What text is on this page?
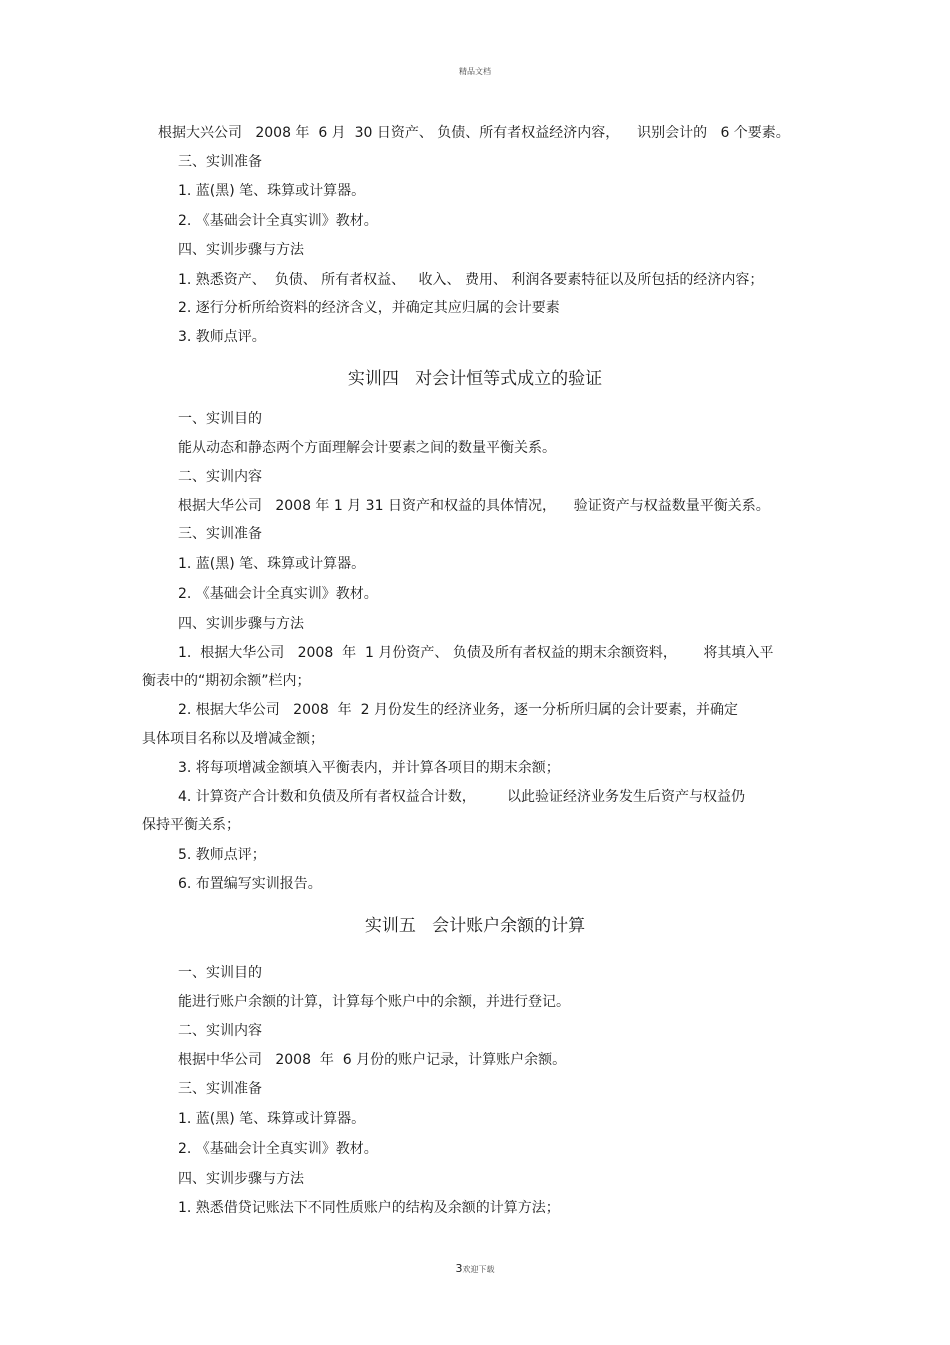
精品文档
根据大兴公司   2008 年  6 月  30 日资产、 负债、所有者权益经济内容，    识别会计的   6 个要素。
三、实训准备
1. 蓝(黑) 笔、珠算或计算器。
2. 《基础会计全真实训》教材。
四、实训步骤与方法
1. 熟悉资产、  负债、 所有者权益、   收入、 费用、 利润各要素特征以及所包括的经济内容；
2. 逐行分析所给资料的经济含义，并确定其应归属的会计要素
3. 教师点评。
实训四   对会计恒等式成立的验证
一、实训目的
能从动态和静态两个方面理解会计要素之间的数量平衡关系。
二、实训内容
根据大华公司   2008 年 1 月 31 日资产和权益的具体情况，    验证资产与权益数量平衡关系。
三、实训准备
1. 蓝(黑) 笔、珠算或计算器。
2. 《基础会计全真实训》教材。
四、实训步骤与方法
1.  根据大华公司   2008  年  1 月份资产、 负债及所有者权益的期末余额资料，      将其填入平
衡表中的“期初余额”栏内；
2. 根据大华公司   2008  年  2 月份发生的经济业务，逐一分析所归属的会计要素，并确定
具体项目名称以及增减金额；
3. 将每项增减金额填入平衡表内，并计算各项目的期末余额；
4. 计算资产合计数和负债及所有者权益合计数，       以此验证经济业务发生后资产与权益仍
保持平衡关系；
5. 教师点评；
6. 布置编写实训报告。
实训五   会计账户余额的计算
一、实训目的
能进行账户余额的计算，计算每个账户中的余额，并进行登记。
二、实训内容
根据中华公司   2008  年  6 月份的账户记录，计算账户余额。
三、实训准备
1. 蓝(黑) 笔、珠算或计算器。
2. 《基础会计全真实训》教材。
四、实训步骤与方法
1. 熟悉借贷记账法下不同性质账户的结构及余额的计算方法；
3欢迎下载
